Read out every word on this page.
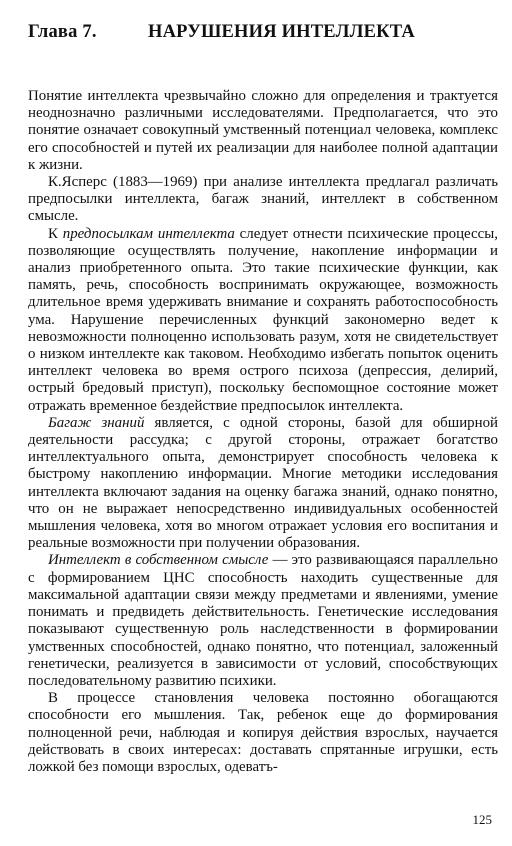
Глава 7.	НАРУШЕНИЯ ИНТЕЛЛЕКТА

Понятие интеллекта чрезвычайно сложно для определения и трактуется неоднозначно различными исследователями. Предполагается, что это понятие означает совокупный умственный потенциал человека, комплекс его способностей и путей их реализации для наиболее полной адаптации к жизни.

К.Ясперс (1883—1969) при анализе интеллекта предлагал различать предпосылки интеллекта, багаж знаний, интеллект в собственном смысле.

К предпосылкам интеллекта следует отнести психические процессы, позволяющие осуществлять получение, накопление информации и анализ приобретенного опыта. Это такие психические функции, как память, речь, способность воспринимать окружающее, возможность длительное время удерживать внимание и сохранять работоспособность ума. Нарушение перечисленных функций закономерно ведет к невозможности полноценно использовать разум, хотя не свидетельствует о низком интеллекте как таковом. Необходимо избегать попыток оценить интеллект человека во время острого психоза (депрессия, делирий, острый бредовый приступ), поскольку беспомощное состояние может отражать временное бездействие предпосылок интеллекта.

Багаж знаний является, с одной стороны, базой для обширной деятельности рассудка; с другой стороны, отражает богатство интеллектуального опыта, демонстрирует способность человека к быстрому накоплению информации. Многие методики исследования интеллекта включают задания на оценку багажа знаний, однако понятно, что он не выражает непосредственно индивидуальных особенностей мышления человека, хотя во многом отражает условия его воспитания и реальные возможности при получении образования.

Интеллект в собственном смысле — это развивающаяся параллельно с формированием ЦНС способность находить существенные для максимальной адаптации связи между предметами и явлениями, умение понимать и предвидеть действительность. Генетические исследования показывают существенную роль наследственности в формировании умственных способностей, однако понятно, что потенциал, заложенный генетически, реализуется в зависимости от условий, способствующих последовательному развитию психики.

В процессе становления человека постоянно обогащаются способности его мышления. Так, ребенок еще до формирования полноценной речи, наблюдая и копируя действия взрослых, научается действовать в своих интересах: доставать спрятанные игрушки, есть ложкой без помощи взрослых, одеватъ-

125
